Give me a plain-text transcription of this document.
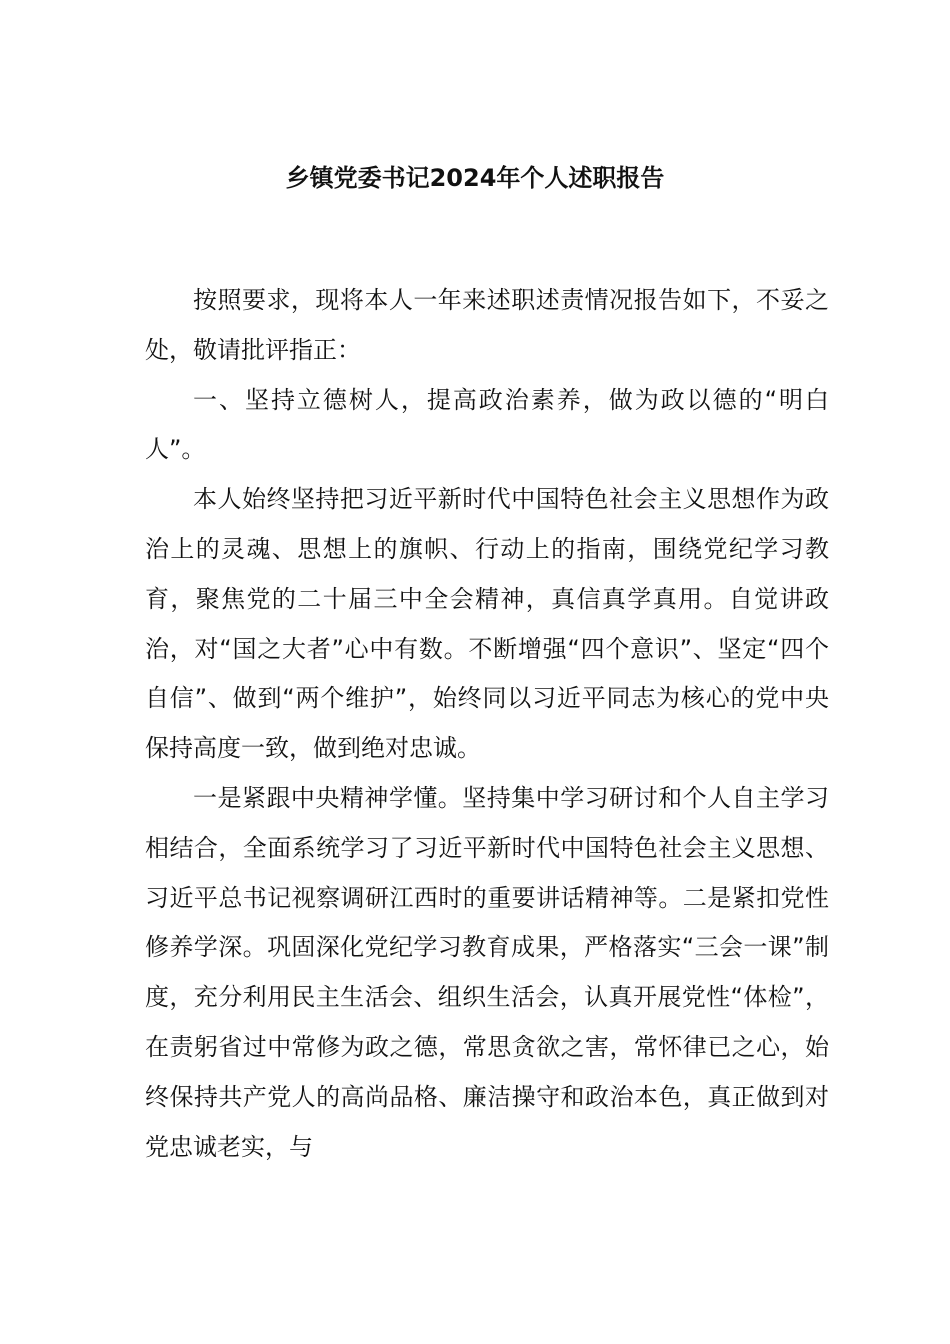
乡镇党委书记2024年个人述职报告

按照要求，现将本人一年来述职述责情况报告如下，不妥之处，敬请批评指正：

一、坚持立德树人，提高政治素养，做为政以德的“明白人”。

本人始终坚持把习近平新时代中国特色社会主义思想作为政治上的灵魂、思想上的旗帜、行动上的指南，围绕党纪学习教育，聚焦党的二十届三中全会精神，真信真学真用。自觉讲政治，对“国之大者”心中有数。不断增强“四个意识”、坚定“四个自信”、做到“两个维护”，始终同以习近平同志为核心的党中央保持高度一致，做到绝对忠诚。

一是紧跟中央精神学懂。坚持集中学习研讨和个人自主学习相结合，全面系统学习了习近平新时代中国特色社会主义思想、习近平总书记视察调研江西时的重要讲话精神等。二是紧扣党性修养学深。巩固深化党纪学习教育成果，严格落实“三会一课”制度，充分利用民主生活会、组织生活会，认真开展党性“体检”，在责躬省过中常修为政之德，常思贪欲之害，常怀律已之心，始终保持共产党人的高尚品格、廉洁操守和政治本色，真正做到对党忠诚老实，与
